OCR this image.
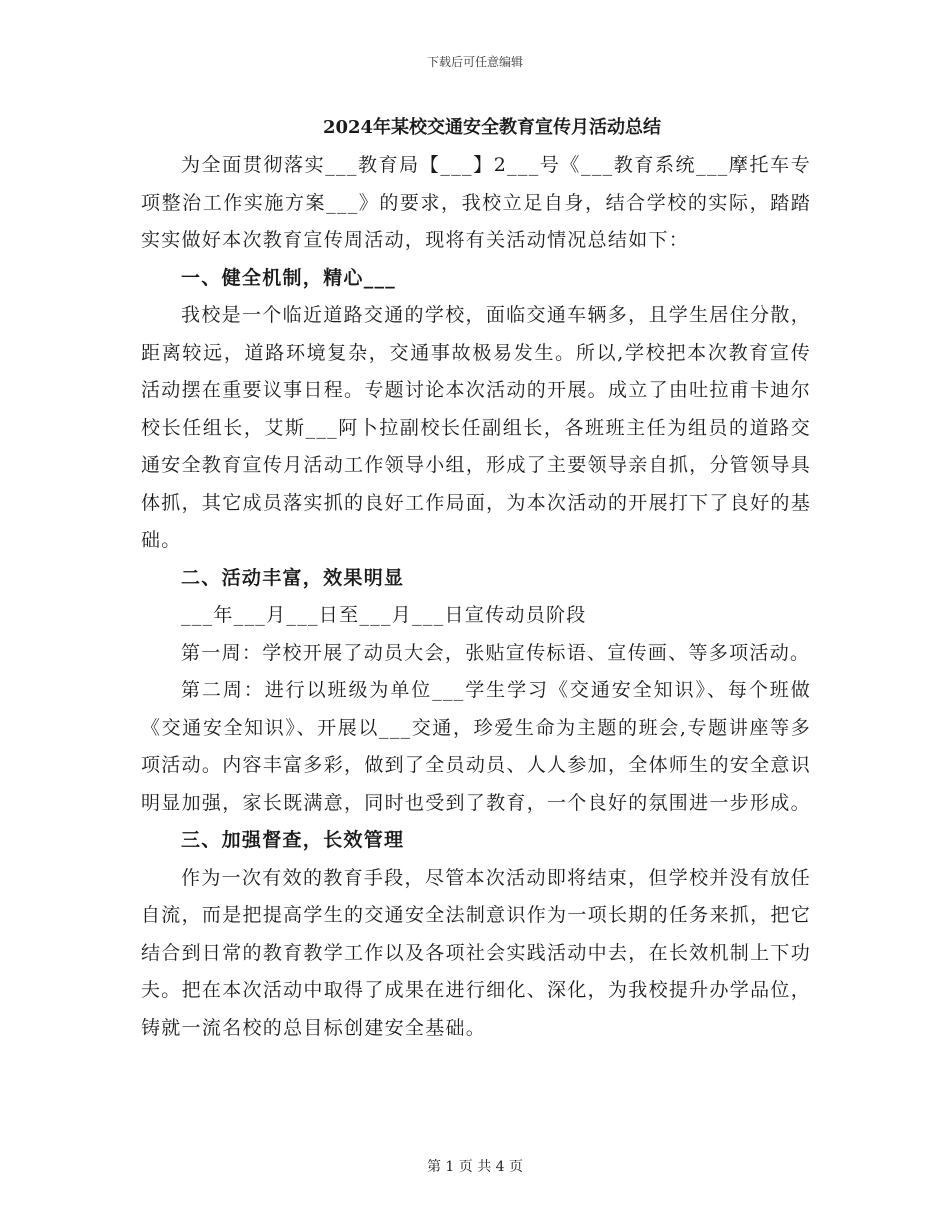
下载后可任意编辑
2024年某校交通安全教育宣传月活动总结

为全面贯彻落实___教育局【___】2___号《___教育系统___摩托车专项整治工作实施方案___》的要求，我校立足自身，结合学校的实际，踏踏实实做好本次教育宣传周活动，现将有关活动情况总结如下：

一、健全机制，精心___

我校是一个临近道路交通的学校，面临交通车辆多，且学生居住分散，距离较远，道路环境复杂，交通事故极易发生。所以,学校把本次教育宣传活动摆在重要议事日程。专题讨论本次活动的开展。成立了由吐拉甫卡迪尔校长任组长，艾斯___阿卜拉副校长任副组长，各班班主任为组员的道路交通安全教育宣传月活动工作领导小组，形成了主要领导亲自抓，分管领导具体抓，其它成员落实抓的良好工作局面，为本次活动的开展打下了良好的基础。

二、活动丰富，效果明显

___年___月___日至___月___日宣传动员阶段

第一周：学校开展了动员大会，张贴宣传标语、宣传画、等多项活动。

第二周：进行以班级为单位___学生学习《交通安全知识》、每个班做《交通安全知识》、开展以___交通，珍爱生命为主题的班会,专题讲座等多项活动。内容丰富多彩，做到了全员动员、人人参加，全体师生的安全意识明显加强，家长既满意，同时也受到了教育，一个良好的氛围进一步形成。

三、加强督查，长效管理

作为一次有效的教育手段，尽管本次活动即将结束，但学校并没有放任自流，而是把提高学生的交通安全法制意识作为一项长期的任务来抓，把它结合到日常的教育教学工作以及各项社会实践活动中去，在长效机制上下功夫。把在本次活动中取得了成果在进行细化、深化，为我校提升办学品位，铸就一流名校的总目标创建安全基础。

第 1 页 共 4 页
